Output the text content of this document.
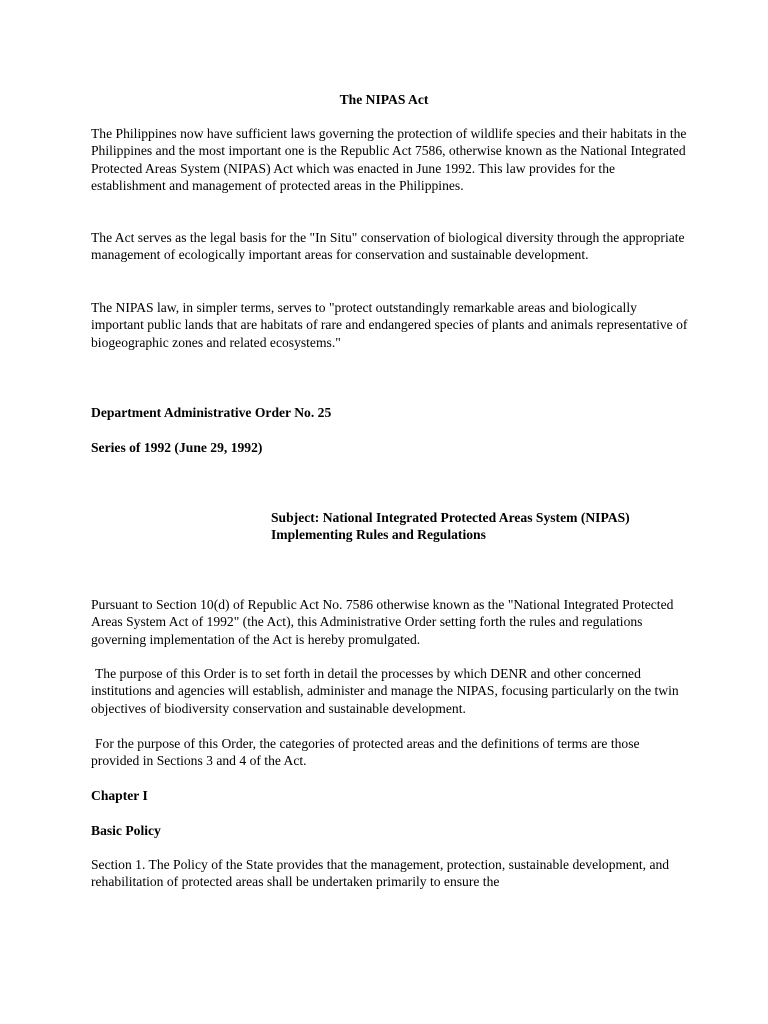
The NIPAS Act

The Philippines now have sufficient laws governing the protection of wildlife species and their habitats in the Philippines and the most important one is the Republic Act 7586, otherwise known as the National Integrated Protected Areas System (NIPAS) Act which was enacted in June 1992. This law provides for the establishment and management of protected areas in the Philippines.

The Act serves as the legal basis for the "In Situ" conservation of biological diversity through the appropriate management of ecologically important areas for conservation and sustainable development.

The NIPAS law, in simpler terms, serves to "protect outstandingly remarkable areas and biologically important public lands that are habitats of rare and endangered species of plants and animals representative of biogeographic zones and related ecosystems."

Department Administrative Order No. 25

Series of 1992 (June 29, 1992)

Subject: National Integrated Protected Areas System (NIPAS) Implementing Rules and Regulations

Pursuant to Section 10(d) of Republic Act No. 7586 otherwise known as the "National Integrated Protected Areas System Act of 1992" (the Act), this Administrative Order setting forth the rules and regulations governing implementation of the Act is hereby promulgated.

The purpose of this Order is to set forth in detail the processes by which DENR and other concerned institutions and agencies will establish, administer and manage the NIPAS, focusing particularly on the twin objectives of biodiversity conservation and sustainable development.

For the purpose of this Order, the categories of protected areas and the definitions of terms are those provided in Sections 3 and 4 of the Act.

Chapter I

Basic Policy

Section 1. The Policy of the State provides that the management, protection, sustainable development, and rehabilitation of protected areas shall be undertaken primarily to ensure the
